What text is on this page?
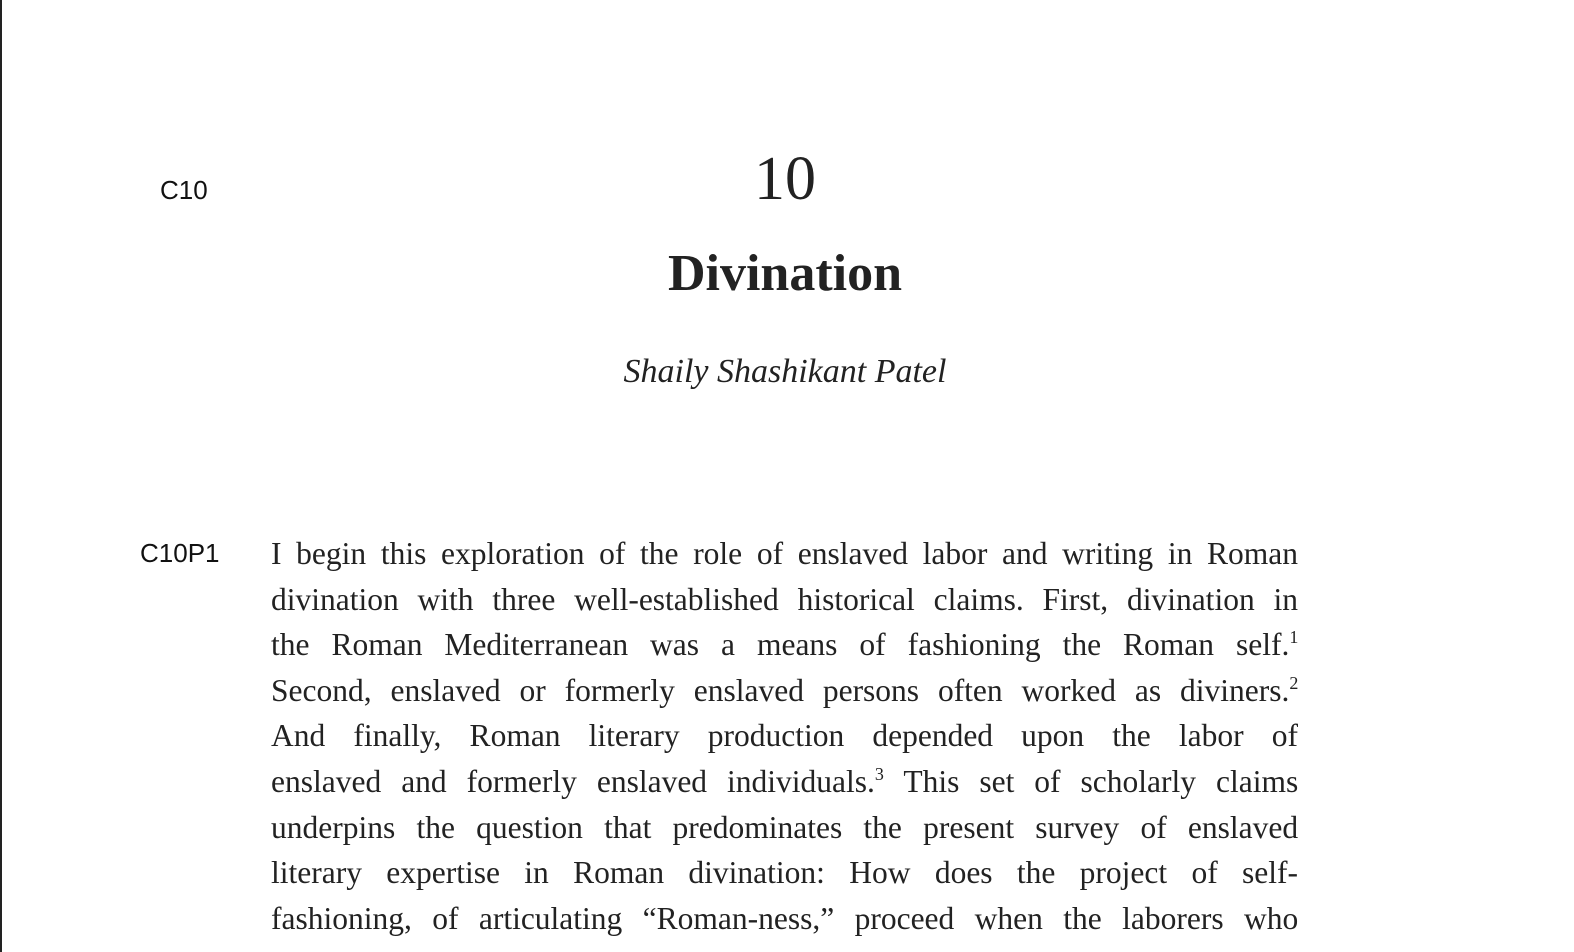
C10	10
Divination
Shaily Shashikant Patel
C10P1 I begin this exploration of the role of enslaved labor and writing in Roman
divination with three well-established historical claims. First, divination in
the Roman Mediterranean was a means of fashioning the Roman self.$^1$
Second, enslaved or formerly enslaved persons often worked as diviners.$^2$
And finally, Roman literary production depended upon the labor of
enslaved and formerly enslaved individuals.$^3$ This set of scholarly claims
underpins the question that predominates the present survey of enslaved
literary expertise in Roman divination: How does the project of self-
fashioning, of articulating “Roman-ness,” proceed when the laborers who
